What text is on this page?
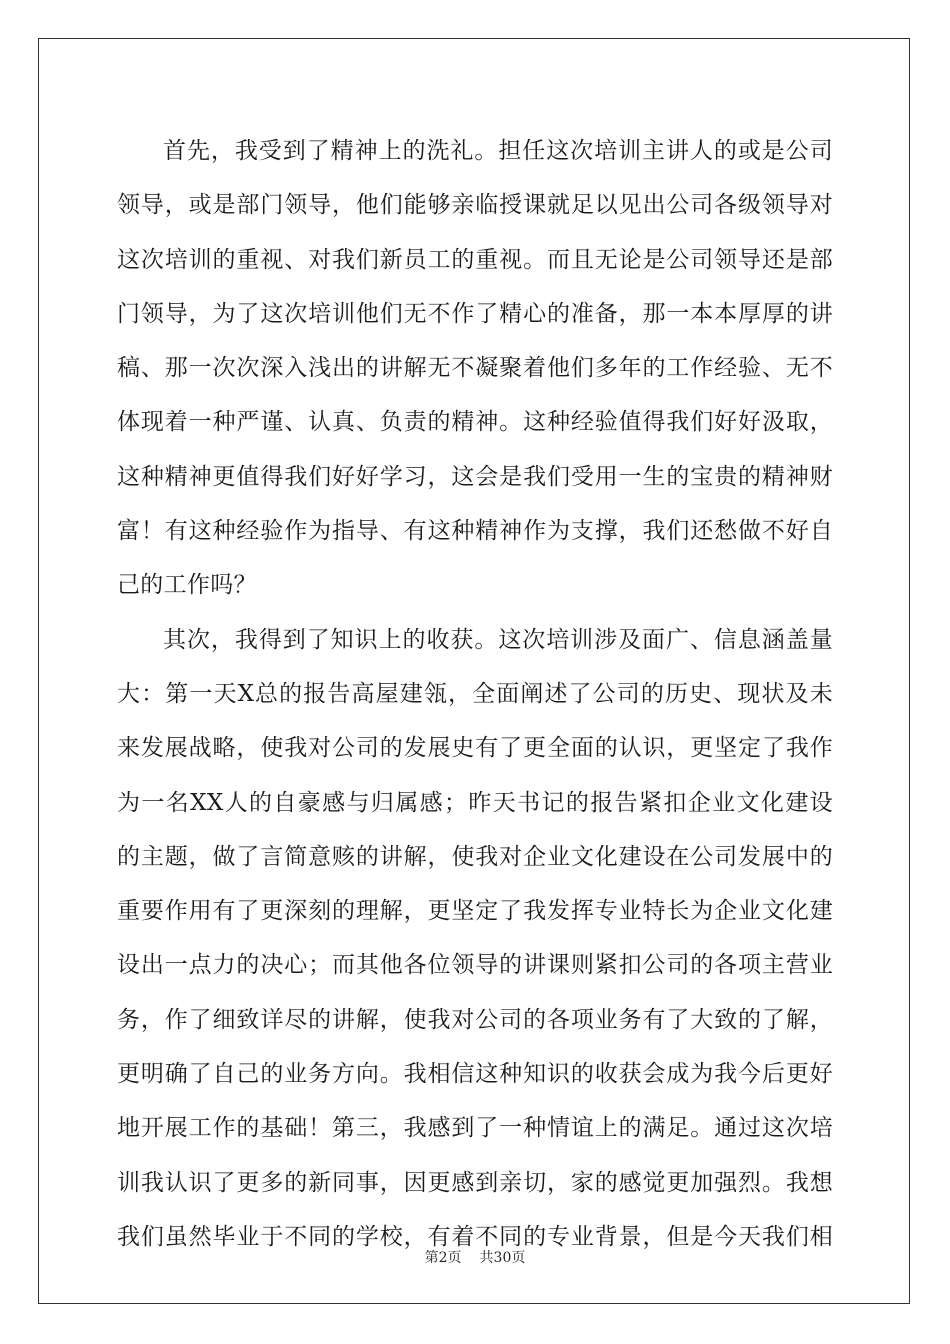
首先，我受到了精神上的洗礼。担任这次培训主讲人的或是公司
领导，或是部门领导，他们能够亲临授课就足以见出公司各级领导对
这次培训的重视、对我们新员工的重视。而且无论是公司领导还是部
门领导，为了这次培训他们无不作了精心的准备，那一本本厚厚的讲
稿、那一次次深入浅出的讲解无不凝聚着他们多年的工作经验、无不
体现着一种严谨、认真、负责的精神。这种经验值得我们好好汲取，
这种精神更值得我们好好学习，这会是我们受用一生的宝贵的精神财
富！有这种经验作为指导、有这种精神作为支撑，我们还愁做不好自
己的工作吗？
其次，我得到了知识上的收获。这次培训涉及面广、信息涵盖量
大：第一天X总的报告高屋建瓴，全面阐述了公司的历史、现状及未
来发展战略，使我对公司的发展史有了更全面的认识，更坚定了我作
为一名XX人的自豪感与归属感；昨天书记的报告紧扣企业文化建设
的主题，做了言简意赅的讲解，使我对企业文化建设在公司发展中的
重要作用有了更深刻的理解，更坚定了我发挥专业特长为企业文化建
设出一点力的决心；而其他各位领导的讲课则紧扣公司的各项主营业
务，作了细致详尽的讲解，使我对公司的各项业务有了大致的了解，
更明确了自己的业务方向。我相信这种知识的收获会成为我今后更好
地开展工作的基础！第三，我感到了一种情谊上的满足。通过这次培
训我认识了更多的新同事，因更感到亲切，家的感觉更加强烈。我想
我们虽然毕业于不同的学校，有着不同的专业背景，但是今天我们相
第2页 共30页
